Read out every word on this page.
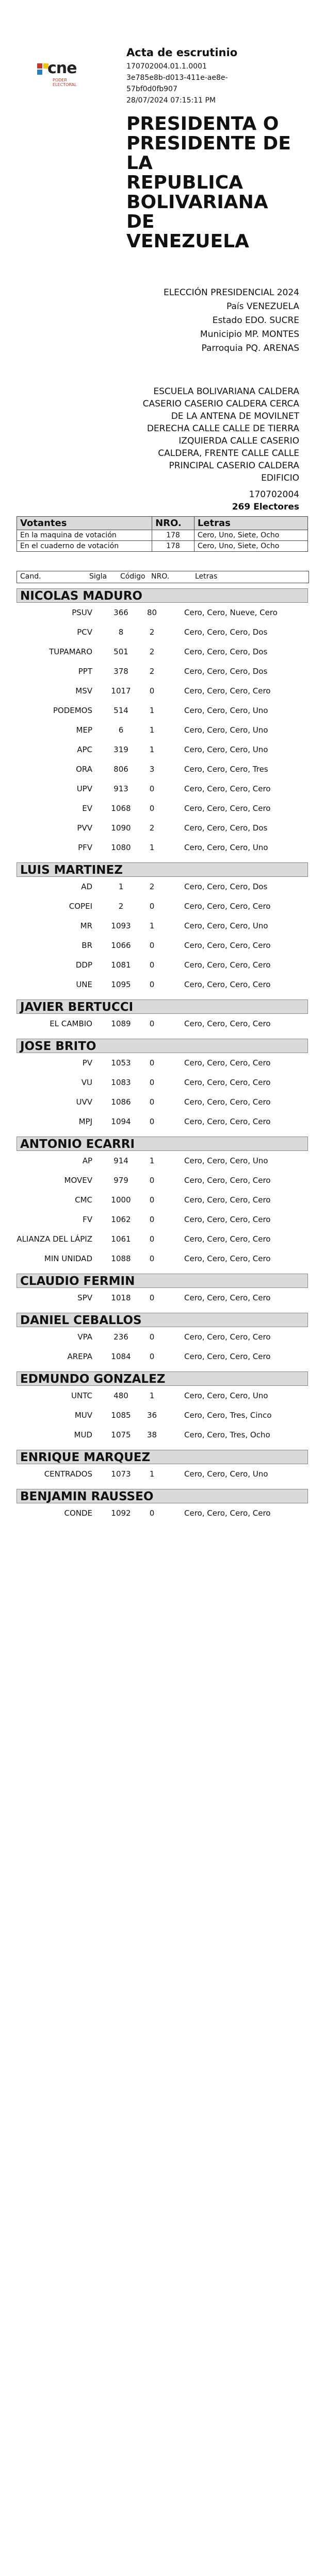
cne
PODER ELECTORAL
Acta de escrutinio
170702004.01.1.0001
3e785e8b-d013-411e-ae8e-
57bf0d0fb907
28/07/2024 07:15:11 PM
PRESIDENTA O
PRESIDENTE DE LA
REPUBLICA
BOLIVARIANA DE
VENEZUELA
ELECCIÓN PRESIDENCIAL 2024
País VENEZUELA
Estado EDO. SUCRE
Municipio MP. MONTES
Parroquia PQ. ARENAS
ESCUELA BOLIVARIANA CALDERA
CASERIO CASERIO CALDERA CERCA
DE LA ANTENA DE MOVILNET
DERECHA CALLE CALLE DE TIERRA
IZQUIERDA CALLE CASERIO
CALDERA, FRENTE CALLE CALLE
PRINCIPAL CASERIO CALDERA
EDIFICIO
170702004
269 Electores
Votantes	NRO.	Letras
En la maquina de votación	178	Cero, Uno, Siete, Ocho
En el cuaderno de votación	178	Cero, Uno, Siete, Ocho
Cand.	Sigla Código NRO.	Letras
NICOLAS MADURO
PSUV	366	80	Cero, Cero, Nueve, Cero
PCV	8	2	Cero, Cero, Cero, Dos
TUPAMARO	501	2	Cero, Cero, Cero, Dos
PPT	378	2	Cero, Cero, Cero, Dos
MSV	1017	0	Cero, Cero, Cero, Cero
PODEMOS	514	1	Cero, Cero, Cero, Uno
MEP	6	1	Cero, Cero, Cero, Uno
APC	319	1	Cero, Cero, Cero, Uno
ORA	806	3	Cero, Cero, Cero, Tres
UPV	913	0	Cero, Cero, Cero, Cero
EV	1068	0	Cero, Cero, Cero, Cero
PVV	1090	2	Cero, Cero, Cero, Dos
PFV	1080	1	Cero, Cero, Cero, Uno
LUIS MARTINEZ
AD	1	2	Cero, Cero, Cero, Dos
COPEI	2	0	Cero, Cero, Cero, Cero
MR	1093	1	Cero, Cero, Cero, Uno
BR	1066	0	Cero, Cero, Cero, Cero
DDP	1081	0	Cero, Cero, Cero, Cero
UNE	1095	0	Cero, Cero, Cero, Cero
JAVIER BERTUCCI
EL CAMBIO	1089	0	Cero, Cero, Cero, Cero
JOSE BRITO
PV	1053	0	Cero, Cero, Cero, Cero
VU	1083	0	Cero, Cero, Cero, Cero
UVV	1086	0	Cero, Cero, Cero, Cero
MPJ	1094	0	Cero, Cero, Cero, Cero
ANTONIO ECARRI
AP	914	1	Cero, Cero, Cero, Uno
MOVEV	979	0	Cero, Cero, Cero, Cero
CMC	1000	0	Cero, Cero, Cero, Cero
FV	1062	0	Cero, Cero, Cero, Cero
ALIANZA DEL LÁPIZ	1061	0	Cero, Cero, Cero, Cero
MIN UNIDAD	1088	0	Cero, Cero, Cero, Cero
CLAUDIO FERMIN
SPV	1018	0	Cero, Cero, Cero, Cero
DANIEL CEBALLOS
VPA	236	0	Cero, Cero, Cero, Cero
AREPA	1084	0	Cero, Cero, Cero, Cero
EDMUNDO GONZALEZ
UNTC	480	1	Cero, Cero, Cero, Uno
MUV	1085	36	Cero, Cero, Tres, Cinco
MUD	1075	38	Cero, Cero, Tres, Ocho
ENRIQUE MARQUEZ
CENTRADOS	1073	1	Cero, Cero, Cero, Uno
BENJAMIN RAUSSEO
CONDE	1092	0	Cero, Cero, Cero, Cero
